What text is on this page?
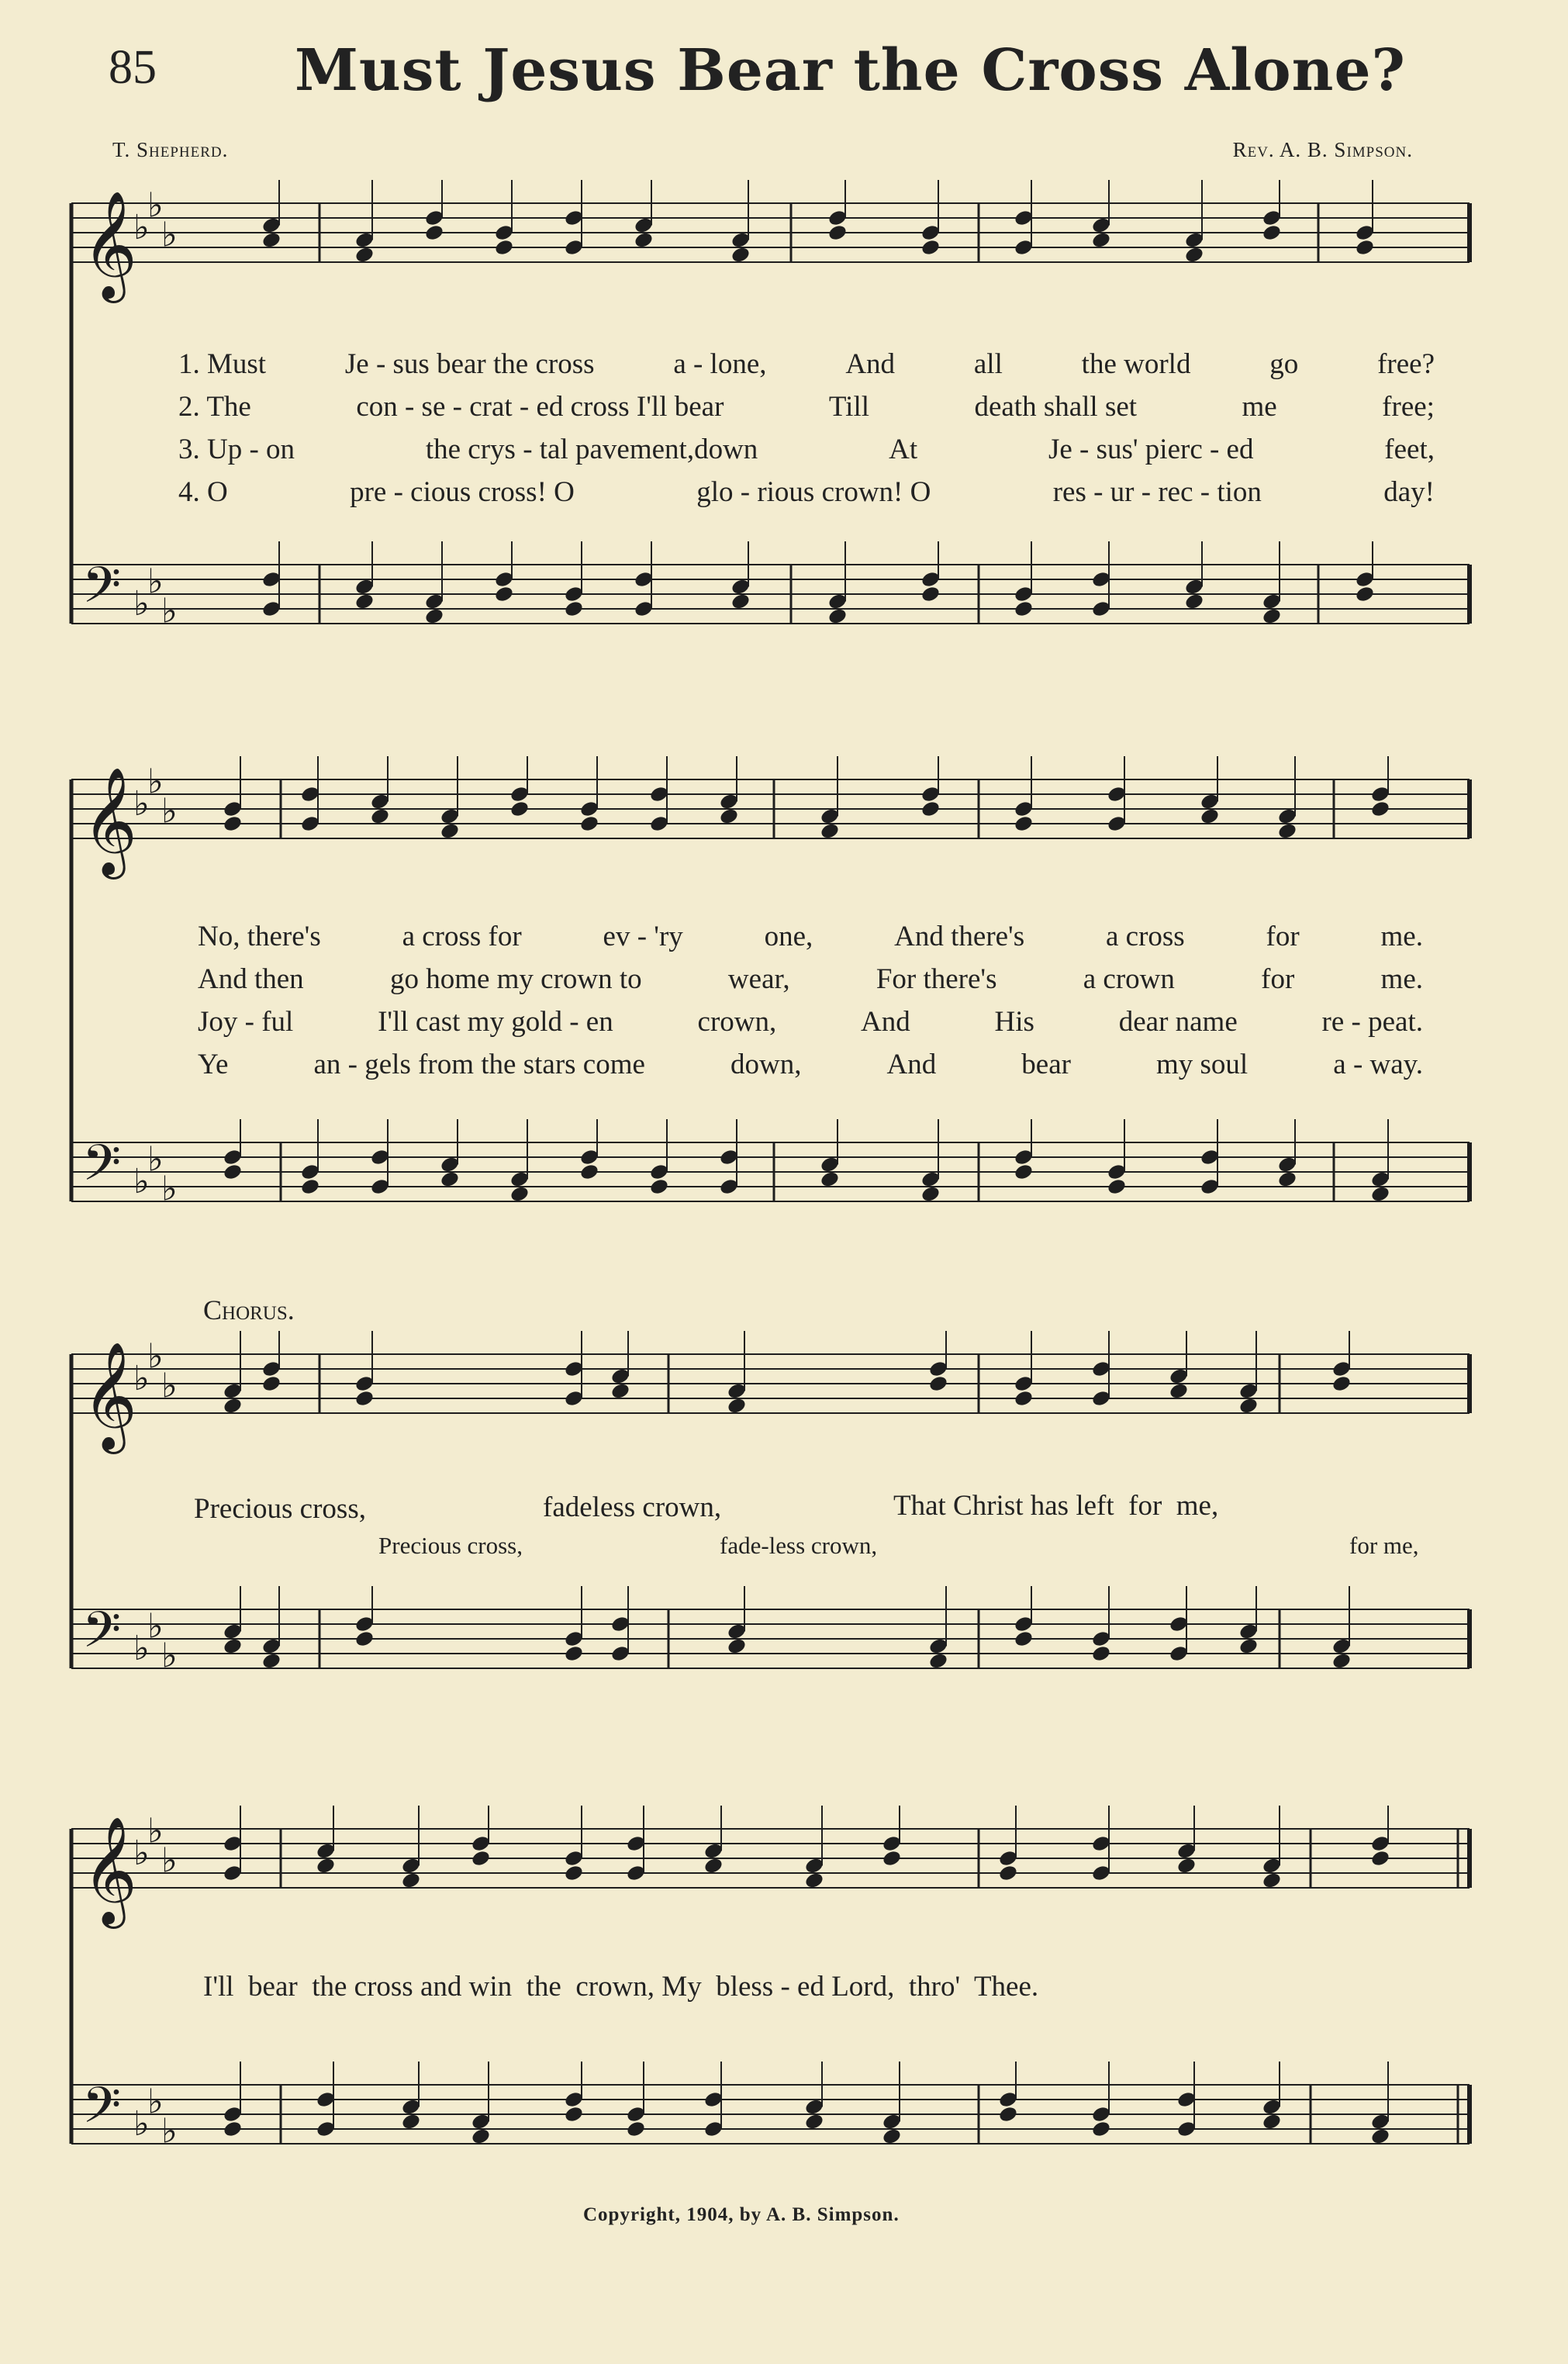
85 Must Jesus Bear the Cross Alone?
T. Shepherd.	Rev. A. B. Simpson.
♭
♭
♭
𝄞
♭
♭
♭
𝄢
♭
♭
♭
𝄞
♭
♭
♭
𝄢
♭
♭
♭
𝄞
♭
♭
♭
𝄢
♭
♭
♭
𝄞
♭
♭
♭
𝄢
1. Must	Je - sus bear the cross	a - lone,	And	all	the world	go	free?
2. The	con - se - crat - ed cross I'll bear	Till	death shall set	me	free;
3. Up - on	the crys - tal pavement,down	At	Je - sus' pierc - ed	feet,
4. O	pre - cious cross! O	glo - rious crown! O	res - ur - rec - tion	day!
No, there's	a cross for	ev - 'ry	one,	And there's	a cross	for	me.
And then	go home my crown to	wear,	For there's	a crown	for	me.
Joy - ful	I'll cast my gold - en	crown,	And	His	dear name	re - peat.
Ye	an - gels from the stars come	down,	And	bear	my soul	a - way.
Chorus.
Precious cross,	fadeless crown,	That Christ has left  for  me,
Precious cross,	fade-less crown,	for me,
I'll  bear  the cross and win  the  crown, My  bless - ed Lord,  thro'  Thee.
Copyright, 1904, by A. B. Simpson.
